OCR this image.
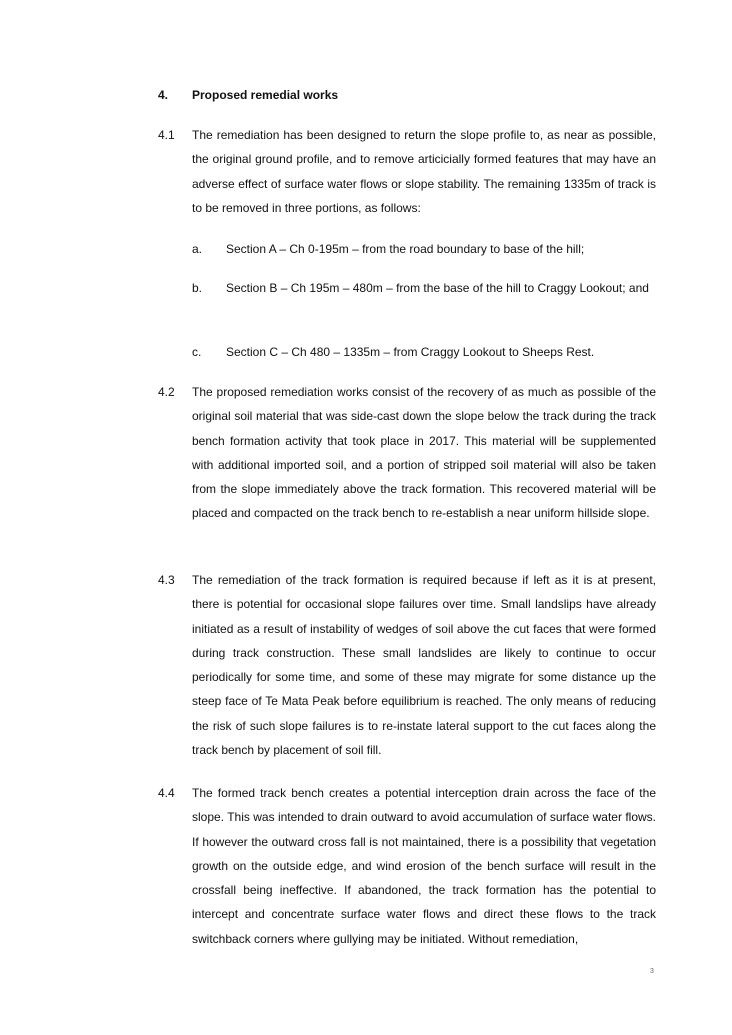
4. Proposed remedial works
4.1 The remediation has been designed to return the slope profile to, as near as possible, the original ground profile, and to remove articicially formed features that may have an adverse effect of surface water flows or slope stability. The remaining 1335m of track is to be removed in three portions, as follows:
a. Section A – Ch 0-195m – from the road boundary to base of the hill;
b. Section B – Ch 195m – 480m – from the base of the hill to Craggy Lookout; and
c. Section C – Ch 480 – 1335m – from Craggy Lookout to Sheeps Rest.
4.2 The proposed remediation works consist of the recovery of as much as possible of the original soil material that was side-cast down the slope below the track during the track bench formation activity that took place in 2017. This material will be supplemented with additional imported soil, and a portion of stripped soil material will also be taken from the slope immediately above the track formation. This recovered material will be placed and compacted on the track bench to re-establish a near uniform hillside slope.
4.3 The remediation of the track formation is required because if left as it is at present, there is potential for occasional slope failures over time. Small landslips have already initiated as a result of instability of wedges of soil above the cut faces that were formed during track construction. These small landslides are likely to continue to occur periodically for some time, and some of these may migrate for some distance up the steep face of Te Mata Peak before equilibrium is reached. The only means of reducing the risk of such slope failures is to re-instate lateral support to the cut faces along the track bench by placement of soil fill.
4.4 The formed track bench creates a potential interception drain across the face of the slope. This was intended to drain outward to avoid accumulation of surface water flows. If however the outward cross fall is not maintained, there is a possibility that vegetation growth on the outside edge, and wind erosion of the bench surface will result in the crossfall being ineffective. If abandoned, the track formation has the potential to intercept and concentrate surface water flows and direct these flows to the track switchback corners where gullying may be initiated. Without remediation,
3
